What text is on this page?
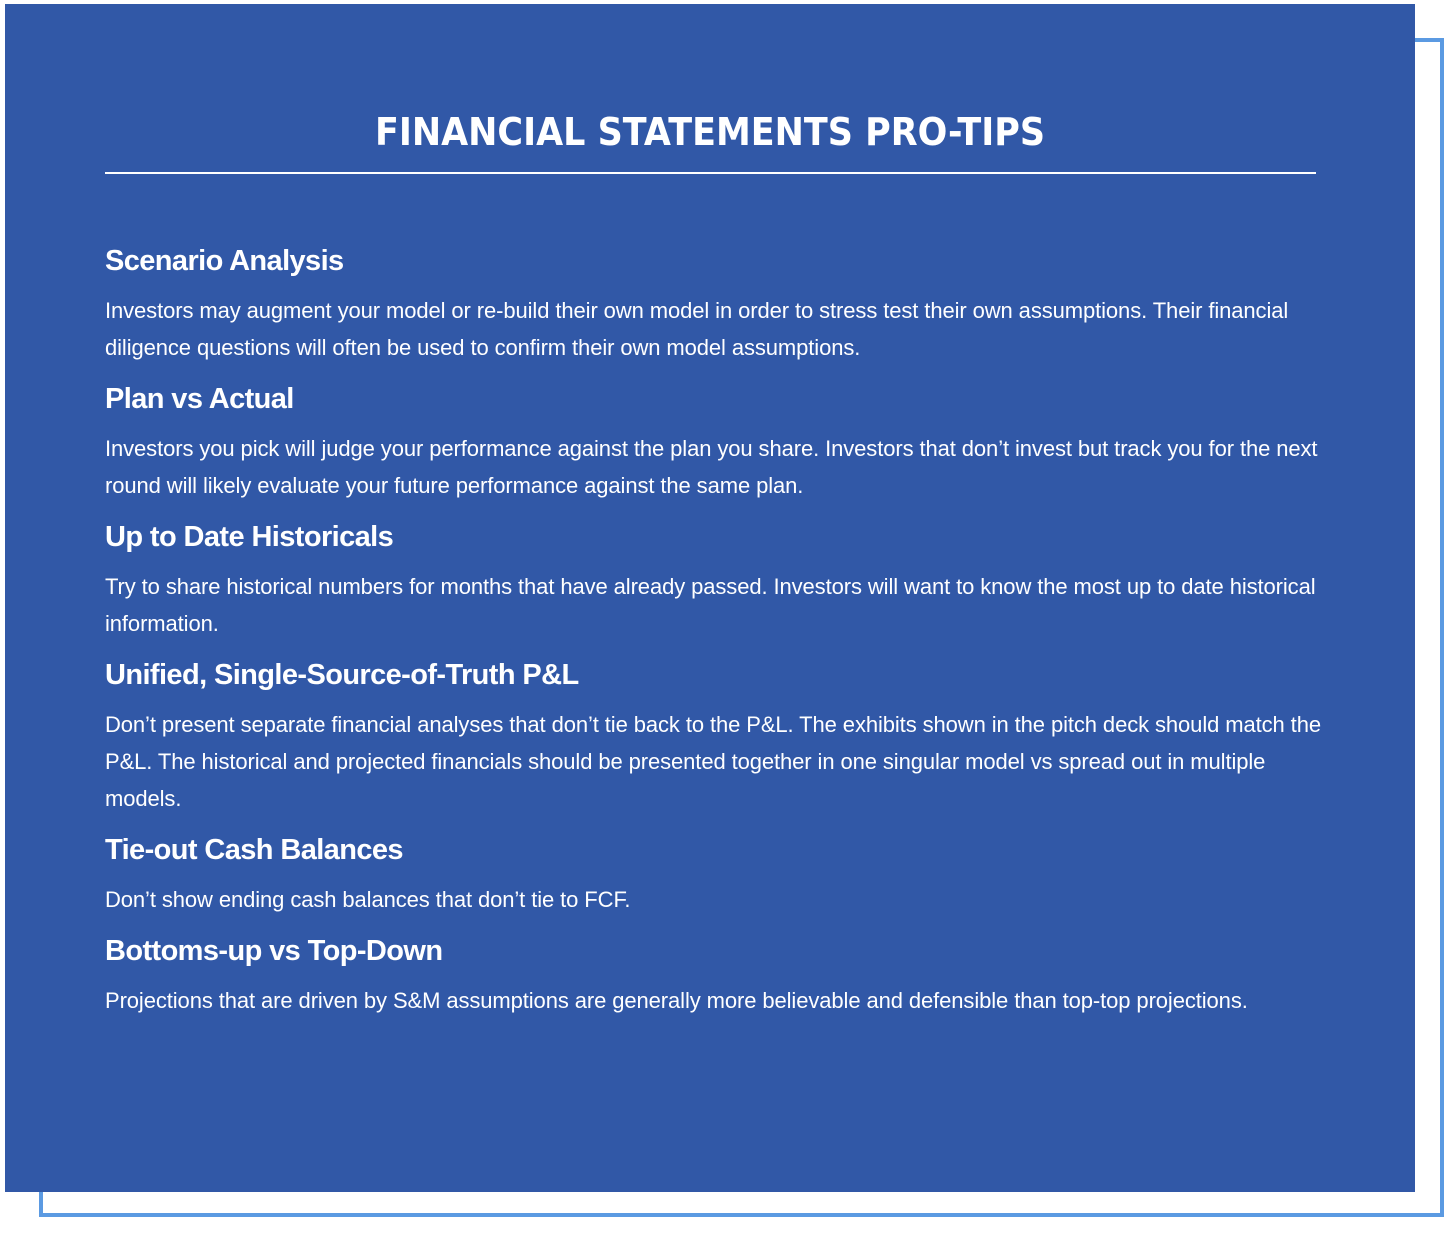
FINANCIAL STATEMENTS PRO-TIPS
Scenario Analysis

Investors may augment your model or re-build their own model in order to stress test their own assumptions. Their financial diligence questions will often be used to confirm their own model assumptions.

Plan vs Actual

Investors you pick will judge your performance against the plan you share. Investors that don’t invest but track you for the next round will likely evaluate your future performance against the same plan.

Up to Date Historicals

Try to share historical numbers for months that have already passed. Investors will want to know the most up to date historical information.

Unified, Single-Source-of-Truth P&L

Don’t present separate financial analyses that don’t tie back to the P&L. The exhibits shown in the pitch deck should match the P&L. The historical and projected financials should be presented together in one singular model vs spread out in multiple models.

Tie-out Cash Balances

Don’t show ending cash balances that don’t tie to FCF.

Bottoms-up vs Top-Down

Projections that are driven by S&M assumptions are generally more believable and defensible than top-top projections.
